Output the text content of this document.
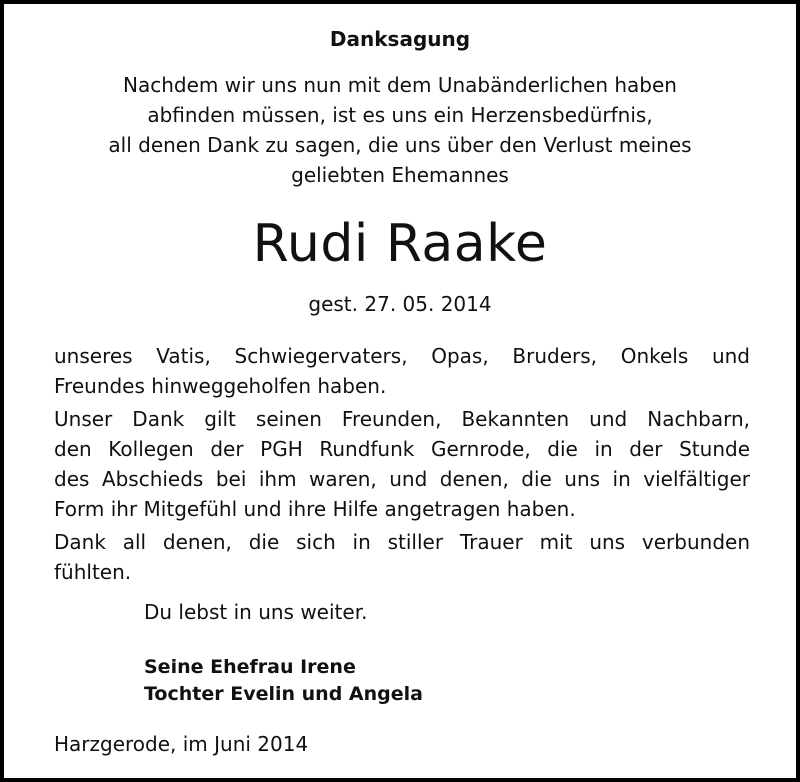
Danksagung
Nachdem wir uns nun mit dem Unabänderlichen haben
abfinden müssen, ist es uns ein Herzensbedürfnis,
all denen Dank zu sagen, die uns über den Verlust meines
geliebten Ehemannes
Rudi Raake
gest. 27. 05. 2014
unseres Vatis, Schwiegervaters, Opas, Bruders, Onkels und
Freundes hinweggeholfen haben.
Unser Dank gilt seinen Freunden, Bekannten und Nachbarn,
den Kollegen der PGH Rundfunk Gernrode, die in der Stunde
des Abschieds bei ihm waren, und denen, die uns in vielfältiger
Form ihr Mitgefühl und ihre Hilfe angetragen haben.
Dank all denen, die sich in stiller Trauer mit uns verbunden
fühlten.
Du lebst in uns weiter.
Seine Ehefrau Irene
Tochter Evelin und Angela
Harzgerode, im Juni 2014
